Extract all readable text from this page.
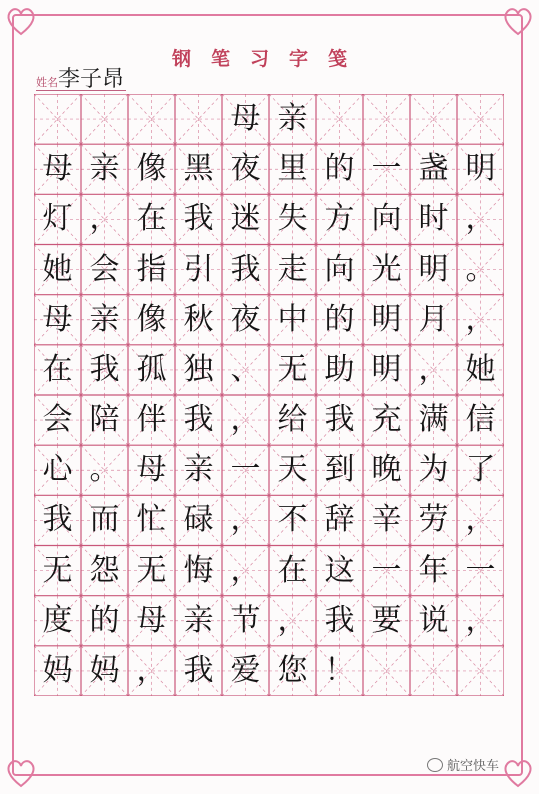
钢笔习字笺
姓名 李子昂
母 亲
母 亲 像 黑 夜 里 的 一 盏 明
灯 ， 在 我 迷 失 方 向 时 ，
她 会 指 引 我 走 向 光 明 。
母 亲 像 秋 夜 中 的 明 月 ，
在 我 孤 独 、 无 助 明 ， 她
会 陪 伴 我 ， 给 我 充 满 信
心 。 母 亲 一 天 到 晚 为 了
我 而 忙 碌 ， 不 辞 辛 劳 ，
无 怨 无 悔 ， 在 这 一 年 一
度 的 母 亲 节 ， 我 要 说 ，
妈 妈 ， 我 爱 您 ！
航空快车
